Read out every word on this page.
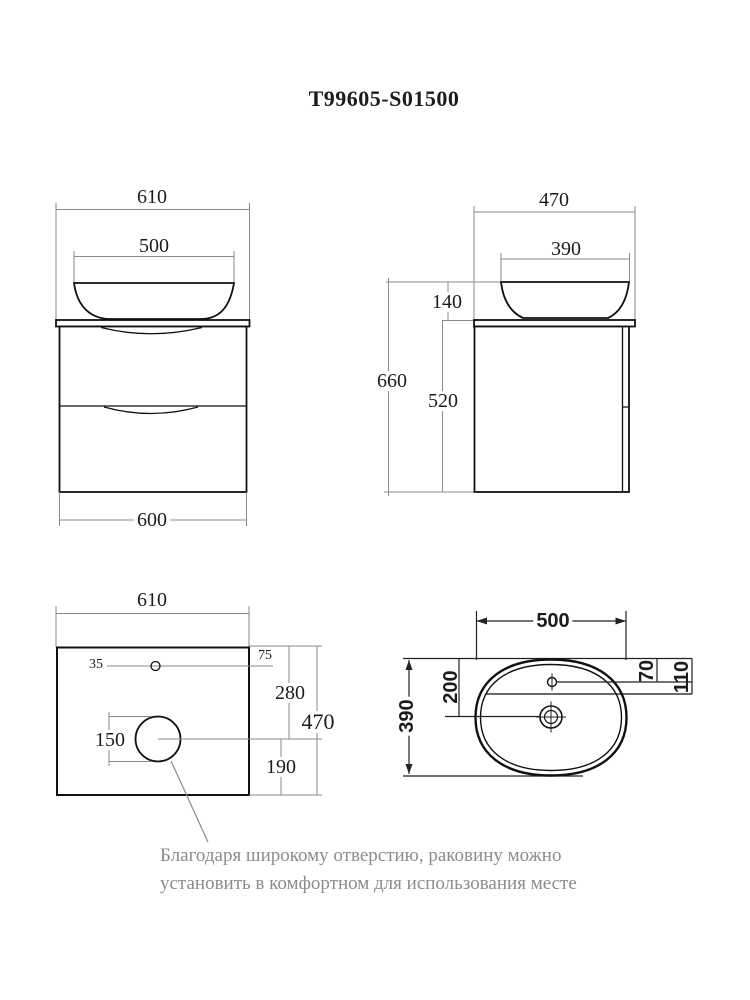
T99605-S01500
610
500
600
470
390
140
660
520
610
35
75
280
470
190
150
500
390
200	70 110
Благодаря широкому отверстию, раковину можно
установить в комфортном для использования месте
